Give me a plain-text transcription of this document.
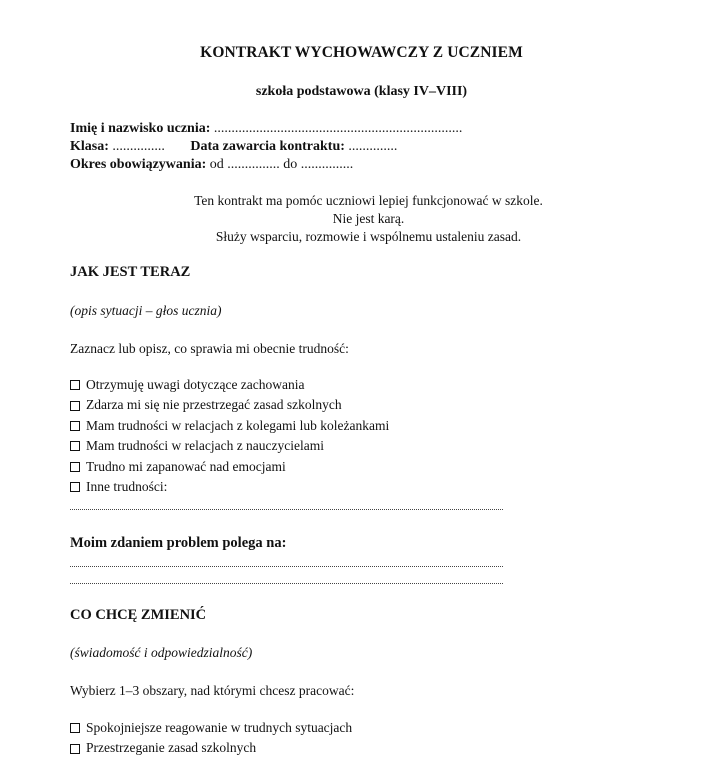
KONTRAKT WYCHOWAWCZY Z UCZNIEM
szkoła podstawowa (klasy IV–VIII)
Imię i nazwisko ucznia: .......................................................................
Klasa: ............... Data zawarcia kontraktu: ..............
Okres obowiązywania: od ............... do ...............
Ten kontrakt ma pomóc uczniowi lepiej funkcjonować w szkole.
Nie jest karą.
Służy wsparciu, rozmowie i wspólnemu ustaleniu zasad.
JAK JEST TERAZ
(opis sytuacji – głos ucznia)
Zaznacz lub opisz, co sprawia mi obecnie trudność:
Otrzymuję uwagi dotyczące zachowania
Zdarza mi się nie przestrzegać zasad szkolnych
Mam trudności w relacjach z kolegami lub koleżankami
Mam trudności w relacjach z nauczycielami
Trudno mi zapanować nad emocjami
Inne trudności:
Moim zdaniem problem polega na:
CO CHCĘ ZMIENIĆ
(świadomość i odpowiedzialność)
Wybierz 1–3 obszary, nad którymi chcesz pracować:
Spokojniejsze reagowanie w trudnych sytuacjach
Przestrzeganie zasad szkolnych
